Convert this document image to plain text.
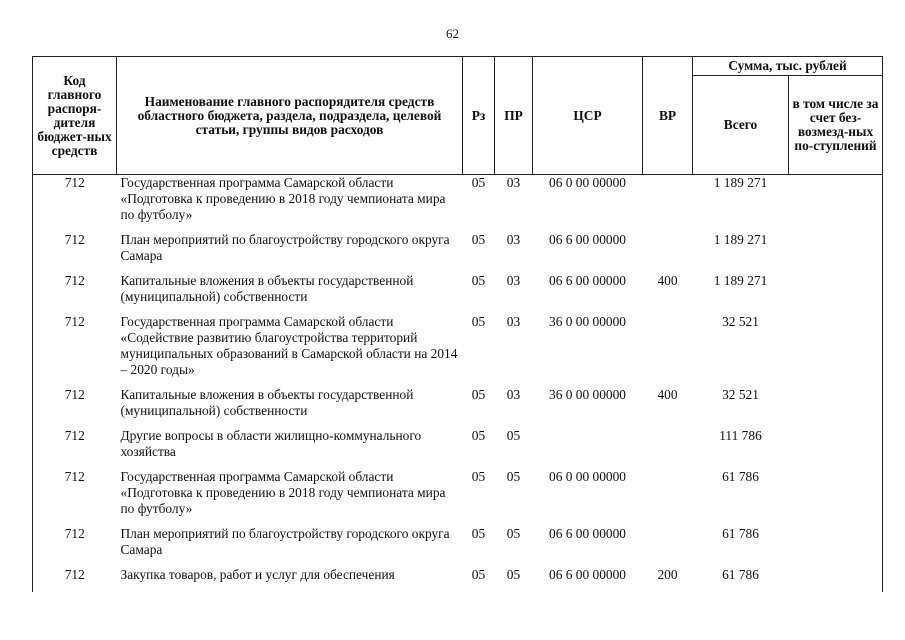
62
Код главного распоря-дителя бюджет-ных средств	Наименование главного распорядителя средств областного бюджета, раздела, подраздела, целевой статьи, группы видов расходов	Рз	ПР	ЦСР	ВР	Сумма, тыс. рублей	
						Всего	в том числе за счет без-возмезд-ных по-ступлений
712	Государственная программа Самарской области «Подготовка к проведению в 2018 году чемпионата мира по футболу»	05	03	06 0 00 00000		1 189 271	
712	План мероприятий по благоустройству городского округа Самара	05	03	06 6 00 00000		1 189 271	
712	Капитальные вложения в объекты государственной (муниципальной) собственности	05	03	06 6 00 00000	400	1 189 271	
712	Государственная программа Самарской области «Содействие развитию благоустройства территорий муниципальных образований в Самарской области на 2014 – 2020 годы»	05	03	36 0 00 00000		32 521	
712	Капитальные вложения в объекты государственной (муниципальной) собственности	05	03	36 0 00 00000	400	32 521	
712	Другие вопросы в области жилищно-коммунального хозяйства	05	05			111 786	
712	Государственная программа Самарской области «Подготовка к проведению в 2018 году чемпионата мира по футболу»	05	05	06 0 00 00000		61 786	
712	План мероприятий по благоустройству городского округа Самара	05	05	06 6 00 00000		61 786	
712	Закупка товаров, работ и услуг для обеспечения	05	05	06 6 00 00000	200	61 786	
